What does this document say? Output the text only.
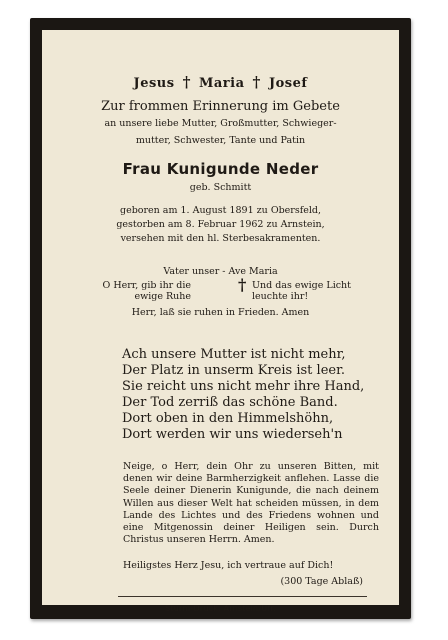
Jesus † Maria † Josef
Zur frommen Erinnerung im Gebete
an unsere liebe Mutter, Großmutter, Schwieger-
mutter, Schwester, Tante und Patin
Frau Kunigunde Neder
geb. Schmitt
geboren am 1. August 1891 zu Obersfeld,
gestorben am 8. Februar 1962 zu Arnstein,
versehen mit den hl. Sterbesakramenten.
Vater unser - Ave Maria
O Herr, gib ihr die
ewige Ruhe
† Und das ewige Licht
leuchte ihr!
Herr, laß sie ruhen in Frieden. Amen
Ach unsere Mutter ist nicht mehr,
Der Platz in unserm Kreis ist leer.
Sie reicht uns nicht mehr ihre Hand,
Der Tod zerriß das schöne Band.
Dort oben in den Himmelshöhn,
Dort werden wir uns wiederseh'n
Neige, o Herr, dein Ohr zu unseren Bitten, mit denen wir deine Barmherzigkeit anflehen. Lasse die Seele deiner Dienerin Kunigunde, die nach deinem Willen aus dieser Welt hat scheiden müssen, in dem Lande des Lichtes und des Friedens wohnen und eine Mitgenossin deiner Heiligen sein. Durch Christus unseren Herrn. Amen.
Heiligstes Herz Jesu, ich vertraue auf Dich!
(300 Tage Ablaß)
Sturm-Druck, Arnstein/Ufr.
